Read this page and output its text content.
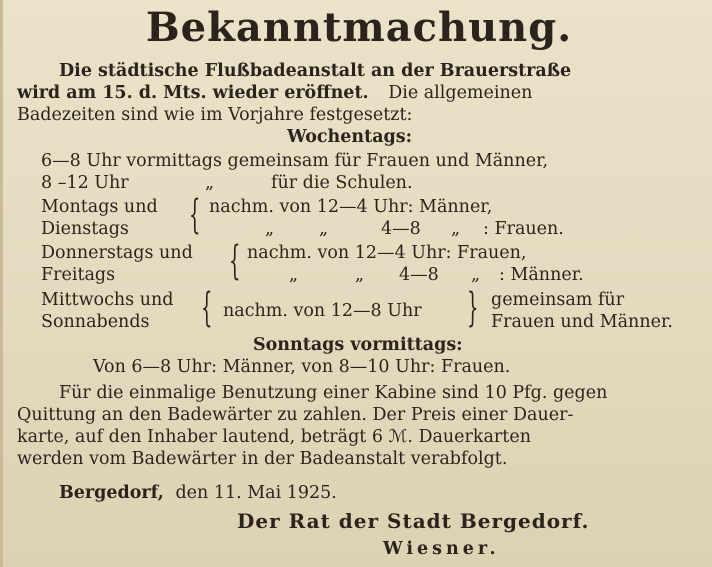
Bekanntmachung.
Die städtische Flußbadeanstalt an der Brauerstraße
wird am 15. d. Mts. wieder eröffnet. Die allgemeinen
Badezeiten sind wie im Vorjahre festgesetzt:
Wochentags:
6—8 Uhr vormittags gemeinsam für Frauen und Männer,
8 –12 Uhr	„	für die Schulen.
Montags und
Dienstags { nachm. von 12—4 Uhr: Männer,
„	„	4—8 „ : Frauen.
Donnerstags und
Freitags	{ nachm. von 12—4 Uhr: Frauen,
„	„ 4—8 „ : Männer.
Mittwochs und
Sonnabends { nachm. von 12—8 Uhr } gemeinsam für
Frauen und Männer.
Sonntags vormittags:
Von 6—8 Uhr: Männer, von 8—10 Uhr: Frauen.
Für die einmalige Benutzung einer Kabine sind 10 Pfg. gegen
Quittung an den Badewärter zu zahlen. Der Preis einer Dauer-
karte, auf den Inhaber lautend, beträgt 6 ℳ. Dauerkarten
werden vom Badewärter in der Badeanstalt verabfolgt.
Bergedorf, den 11. Mai 1925.
Der Rat der Stadt Bergedorf.
Wiesner.
